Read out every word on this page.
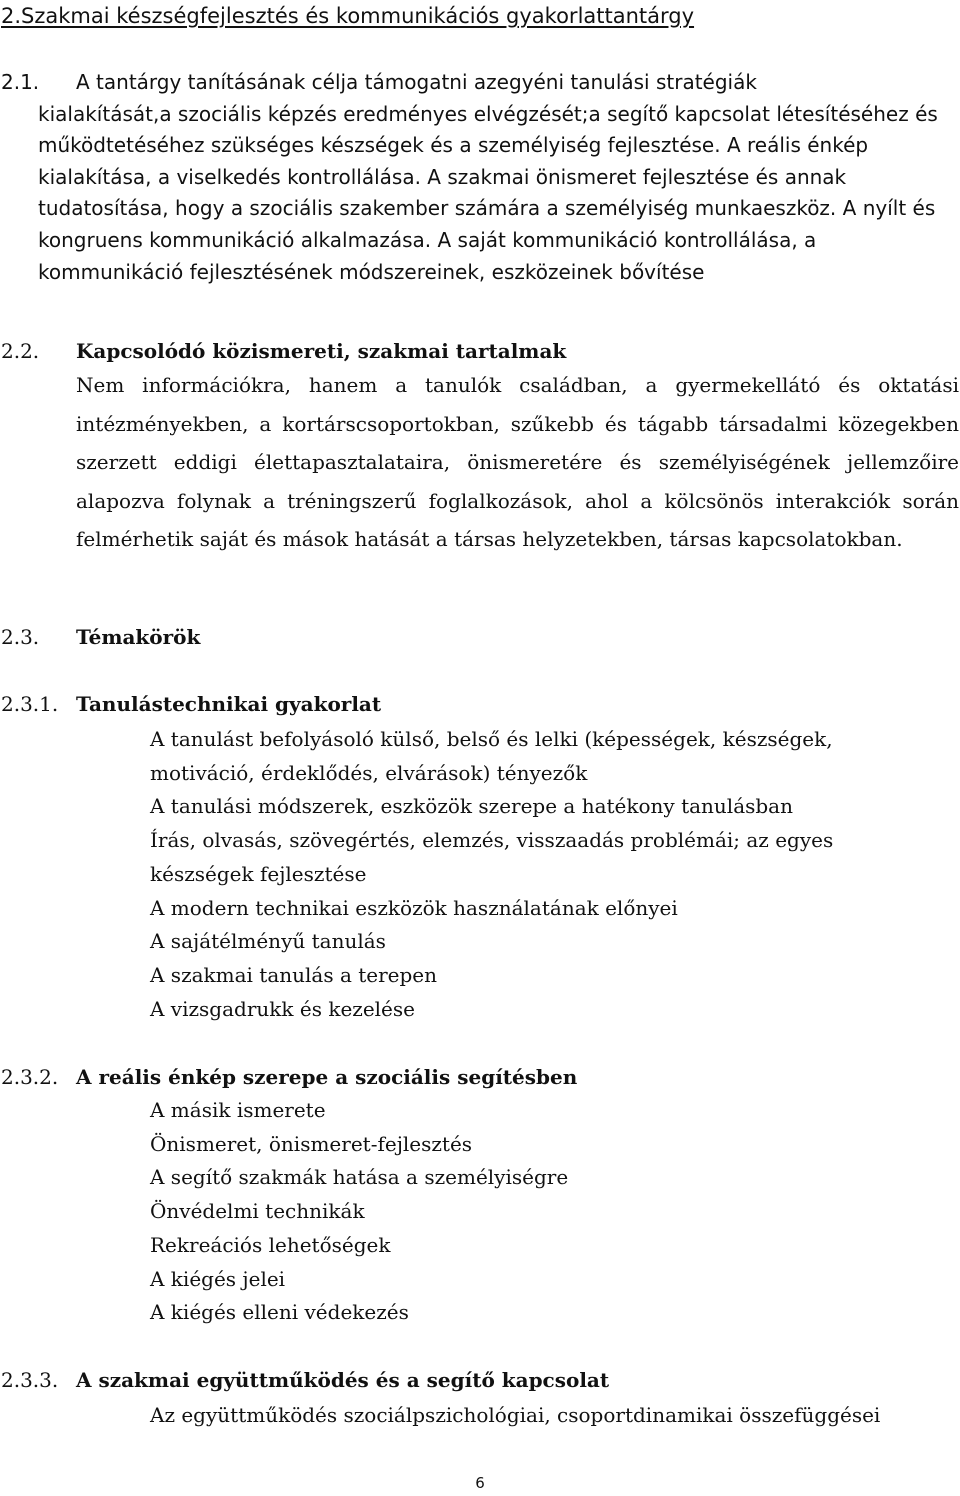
2.Szakmai készségfejlesztés és kommunikációs gyakorlattantárgy
2.1. A tantárgy tanításának célja támogatni azegyéni tanulási stratégiák
kialakítását,a szociális képzés eredményes elvégzését;a segítő kapcsolat létesítéséhez és működtetéséhez szükséges készségek és a személyiség fejlesztése. A reális énkép kialakítása, a viselkedés kontrollálása. A szakmai önismeret fejlesztése és annak tudatosítása, hogy a szociális szakember számára a személyiség munkaeszköz. A nyílt és kongruens kommunikáció alkalmazása. A saját kommunikáció kontrollálása, a kommunikáció fejlesztésének módszereinek, eszközeinek bővítése
2.2. Kapcsolódó közismereti, szakmai tartalmak
Nem információkra, hanem a tanulók családban, a gyermekellátó és oktatási intézményekben, a kortárscsoportokban, szűkebb és tágabb társadalmi közegekben szerzett eddigi élettapasztalataira, önismeretére és személyiségének jellemzőire alapozva folynak a tréningszerű foglalkozások, ahol a kölcsönös interakciók során felmérhetik saját és mások hatását a társas helyzetekben, társas kapcsolatokban.
2.3. Témakörök
2.3.1. Tanulástechnikai gyakorlat
A tanulást befolyásoló külső, belső és lelki (képességek, készségek,
motiváció, érdeklődés, elvárások) tényezők
A tanulási módszerek, eszközök szerepe a hatékony tanulásban
Írás, olvasás, szövegértés, elemzés, visszaadás problémái; az egyes
készségek fejlesztése
A modern technikai eszközök használatának előnyei
A sajátélményű tanulás
A szakmai tanulás a terepen
A vizsgadrukk és kezelése
2.3.2. A reális énkép szerepe a szociális segítésben
A másik ismerete
Önismeret, önismeret-fejlesztés
A segítő szakmák hatása a személyiségre
Önvédelmi technikák
Rekreációs lehetőségek
A kiégés jelei
A kiégés elleni védekezés
2.3.3. A szakmai együttműködés és a segítő kapcsolat
Az együttműködés szociálpszichológiai, csoportdinamikai összefüggései
6
